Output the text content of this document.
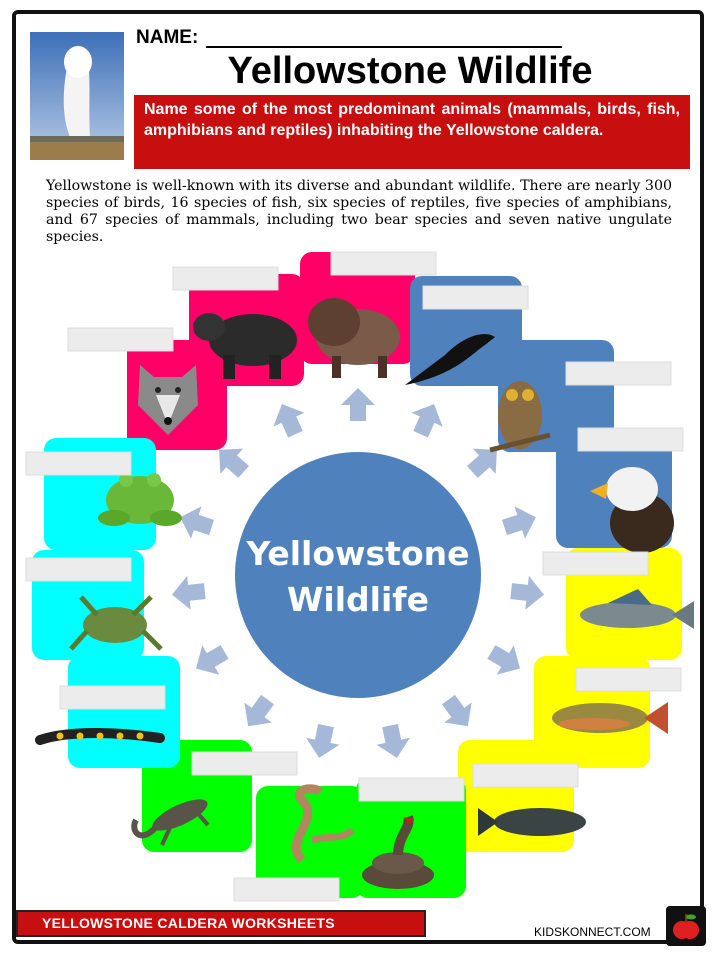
NAME:
Yellowstone Wildlife
Name some of the most predominant animals (mammals, birds, fish, amphibians and reptiles) inhabiting the Yellowstone caldera.
Yellowstone is well-known with its diverse and abundant wildlife. There are nearly 300 species of birds, 16 species of fish, six species of reptiles, five species of amphibians, and 67 species of mammals, including two bear species and seven native ungulate species.
Yellowstone
Wildlife
YELLOWSTONE CALDERA WORKSHEETS
KIDSKONNECT.COM
